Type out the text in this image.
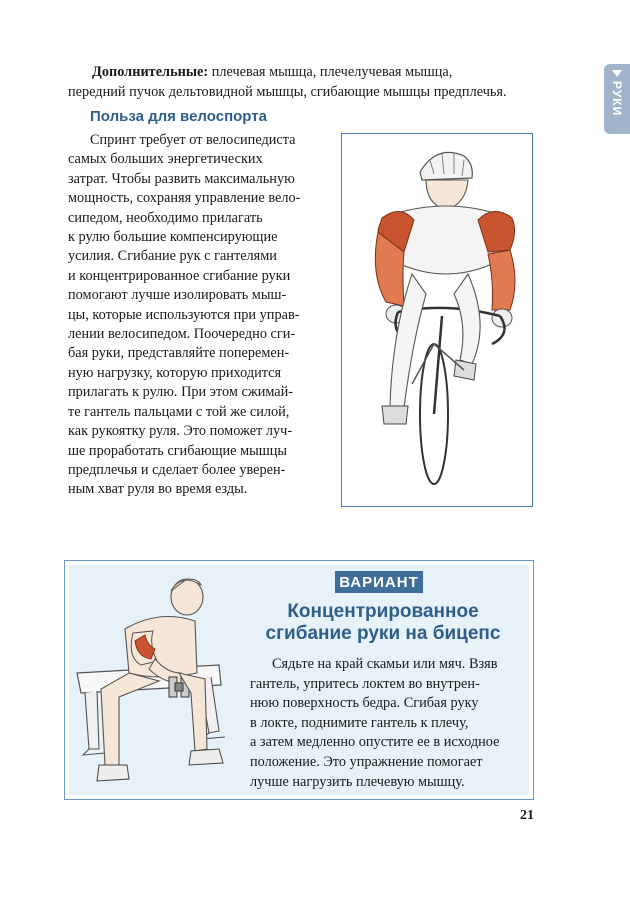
Дополнительные: плечевая мышца, плечелучевая мышца, передний пучок дельтовидной мышцы, сгибающие мышцы предплечья.	РУКИ
Польза для велоспорта
Спринт требует от велосипедиста
самых больших энергетических
затрат. Чтобы развить максимальную
мощность, сохраняя управление вело-
сипедом, необходимо прилагать
к рулю большие компенсирующие
усилия. Сгибание рук с гантелями
и концентрированное сгибание руки
помогают лучше изолировать мыш-
цы, которые используются при управ-
лении велосипедом. Поочередно сги-
бая руки, представляйте поперемен-
ную нагрузку, которую приходится
прилагать к рулю. При этом сжимай-
те гантель пальцами с той же силой,
как рукоятку руля. Это поможет луч-
ше проработать сгибающие мышцы
предплечья и сделает более уверен-
ным хват руля во время езды.
ВАРИАНТ
Концентрированное
сгибание руки на бицепс
Сядьте на край скамьи или мяч. Взяв
гантель, упритесь локтем во внутрен-
нюю поверхность бедра. Сгибая руку
в локте, поднимите гантель к плечу,
а затем медленно опустите ее в исходное
положение. Это упражнение помогает
лучше нагрузить плечевую мышцу.
21
